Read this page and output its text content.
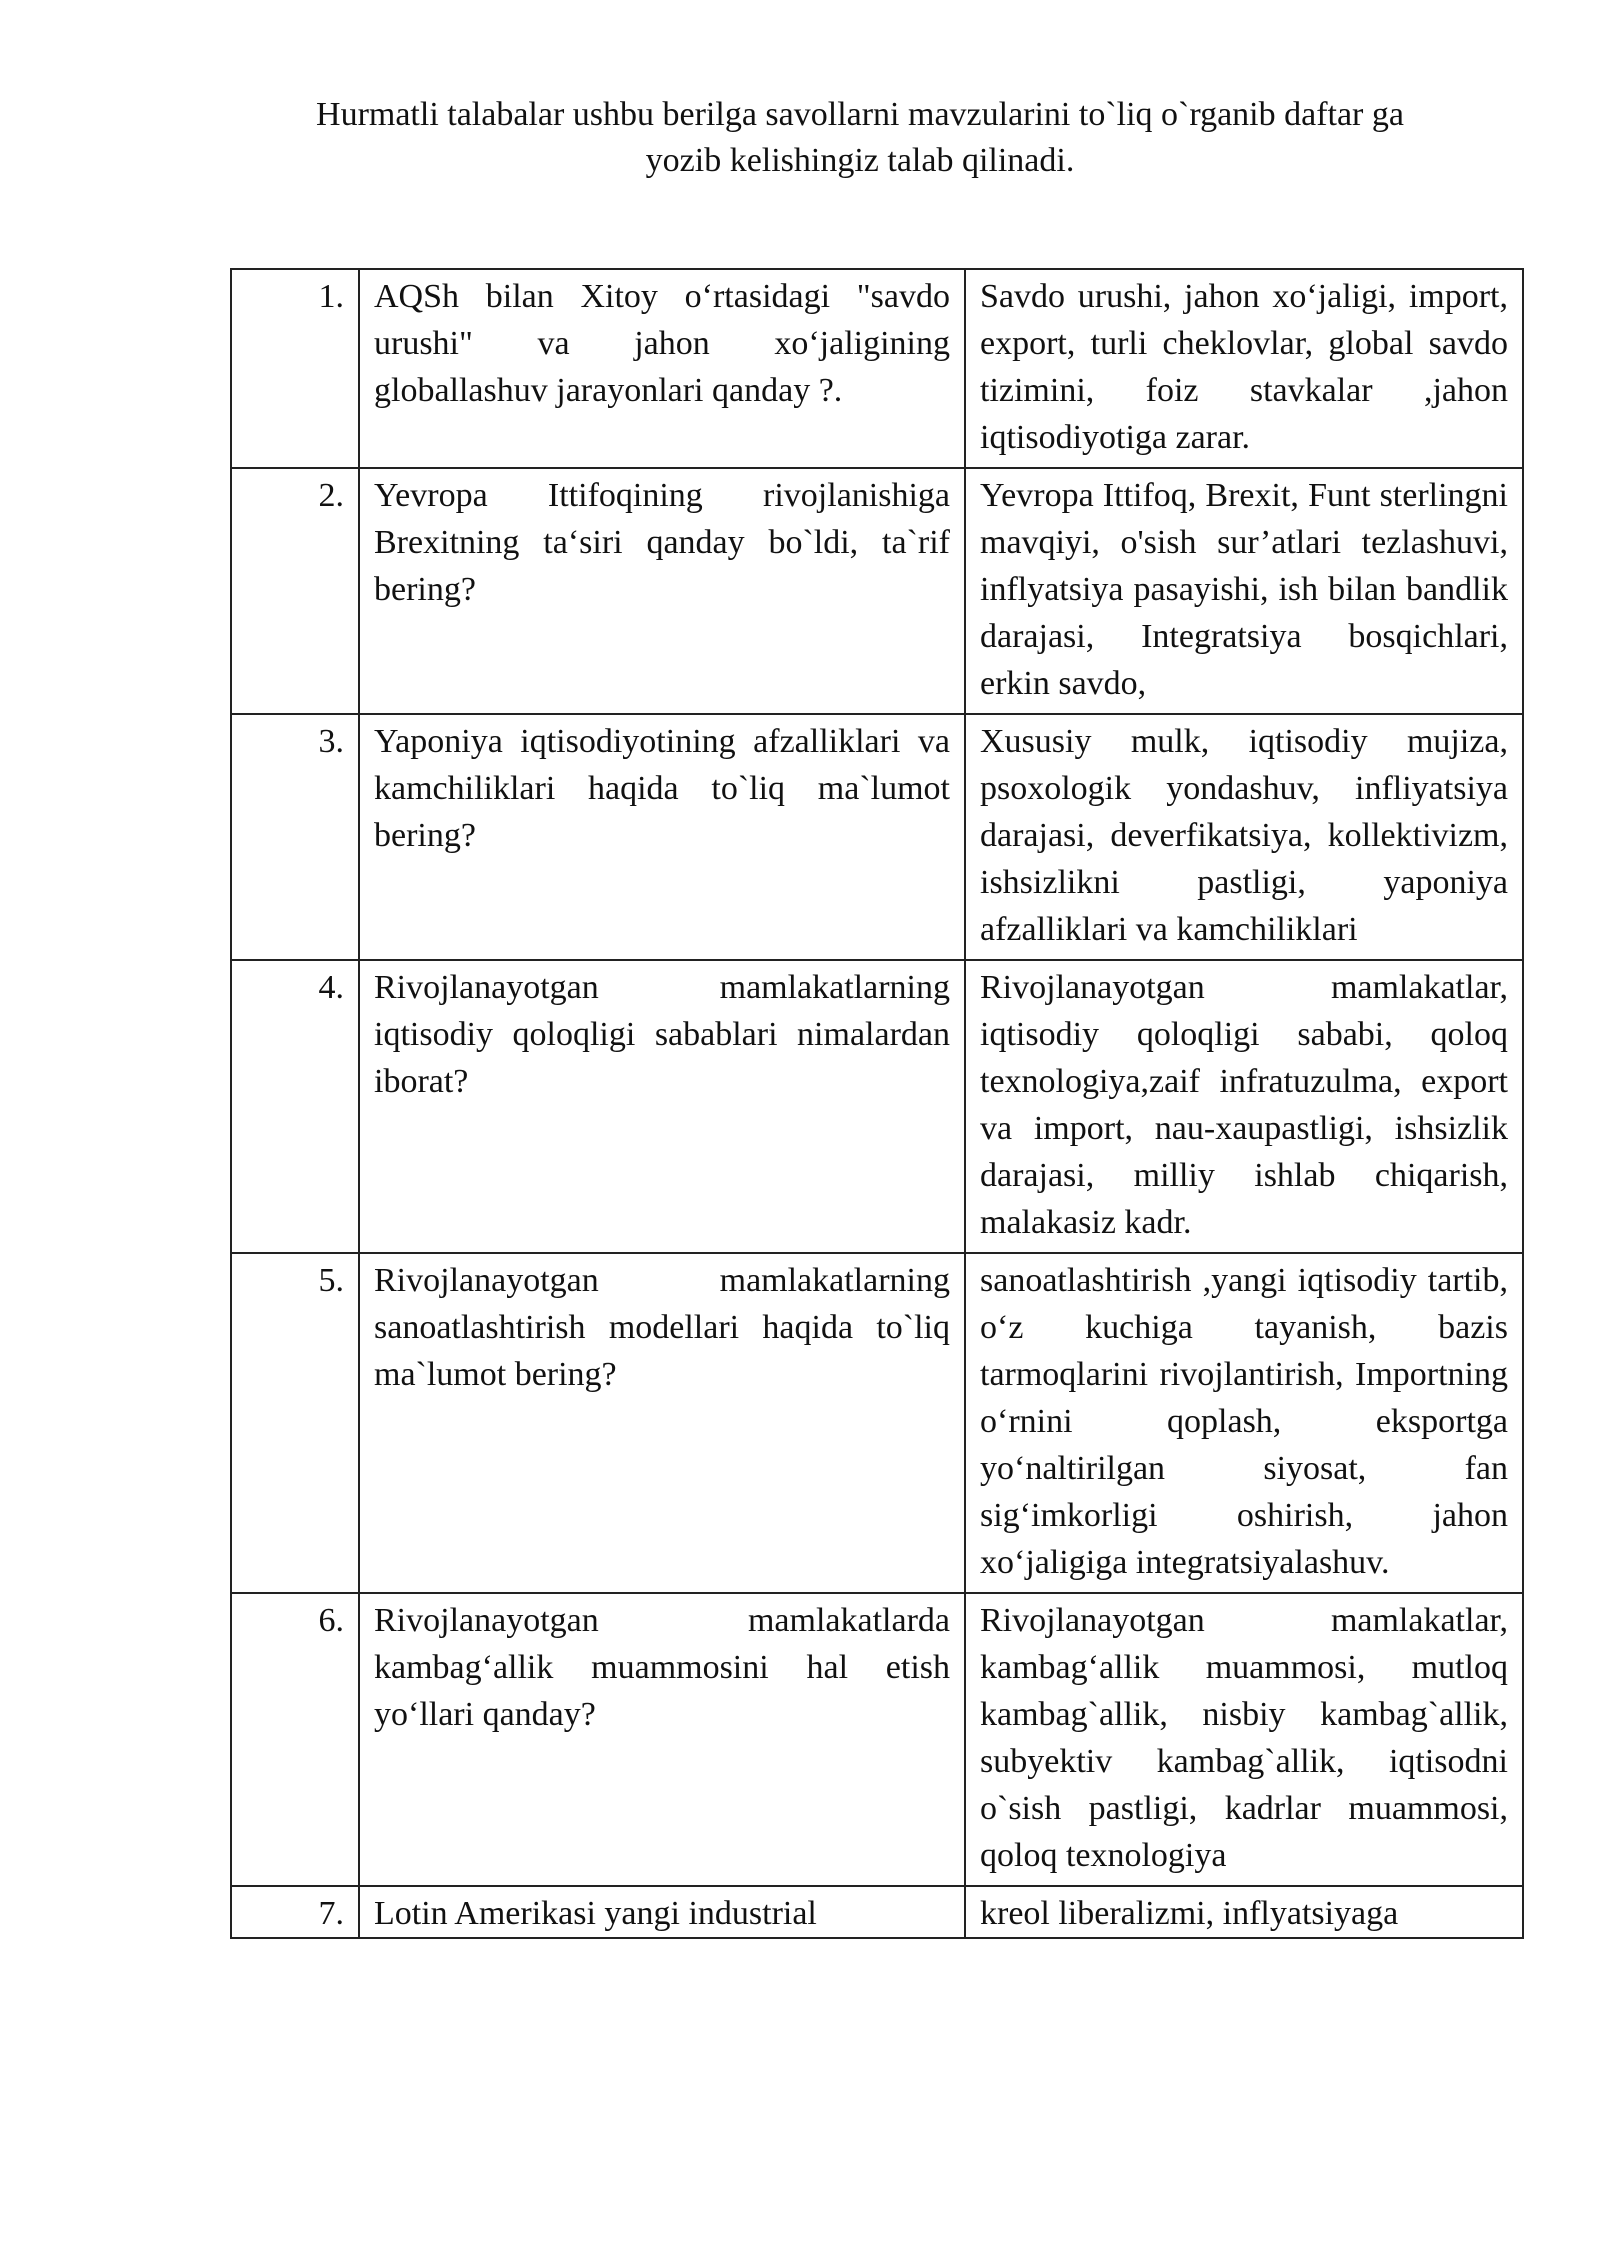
Hurmatli talabalar ushbu berilga savollarni mavzularini to`liq o`rganib daftar ga
yozib kelishingiz talab qilinadi.
1.	AQSh bilan Xitoy o‘rtasidagi "savdo urushi" va jahon xo‘jaligining globallashuv jarayonlari qanday ?.	Savdo urushi, jahon xo‘jaligi, import, export, turli cheklovlar, global savdo tizimini, foiz stavkalar ,jahon iqtisodiyotiga zarar.
2.	Yevropa Ittifoqining rivojlanishiga Brexitning ta‘siri qanday bo`ldi, ta`rif bering?	Yevropa Ittifoq, Brexit, Funt sterlingni mavqiyi, o'sish sur’atlari tezlashuvi, inflyatsiya pasayishi, ish bilan bandlik darajasi, Integratsiya bosqichlari, erkin savdo,
3.	Yaponiya iqtisodiyotining afzalliklari va kamchiliklari haqida to`liq ma`lumot bering?	Xususiy mulk, iqtisodiy mujiza, psoxologik yondashuv, infliyatsiya darajasi, deverfikatsiya, kollektivizm, ishsizlikni pastligi, yaponiya afzalliklari va kamchiliklari
4.	Rivojlanayotgan mamlakatlarning iqtisodiy qoloqligi sabablari nimalardan iborat?	Rivojlanayotgan mamlakatlar, iqtisodiy qoloqligi sababi, qoloq texnologiya,zaif infratuzulma, export va import, nau-xaupastligi, ishsizlik darajasi, milliy ishlab chiqarish, malakasiz kadr.
5.	Rivojlanayotgan mamlakatlarning sanoatlashtirish modellari haqida to`liq ma`lumot bering?	sanoatlashtirish ,yangi iqtisodiy tartib, o‘z kuchiga tayanish, bazis tarmoqlarini rivojlantirish, Importning o‘rnini qoplash, eksportga yo‘naltirilgan siyosat, fan sig‘imkorligi oshirish, jahon xo‘jaligiga integratsiyalashuv.
6.	Rivojlanayotgan mamlakatlarda kambag‘allik muammosini hal etish yo‘llari qanday?	Rivojlanayotgan mamlakatlar, kambag‘allik muammosi, mutloq kambag`allik, nisbiy kambag`allik, subyektiv kambag`allik, iqtisodni o`sish pastligi, kadrlar muammosi, qoloq texnologiya
7.	Lotin Amerikasi yangi industrial	kreol liberalizmi, inflyatsiyaga
